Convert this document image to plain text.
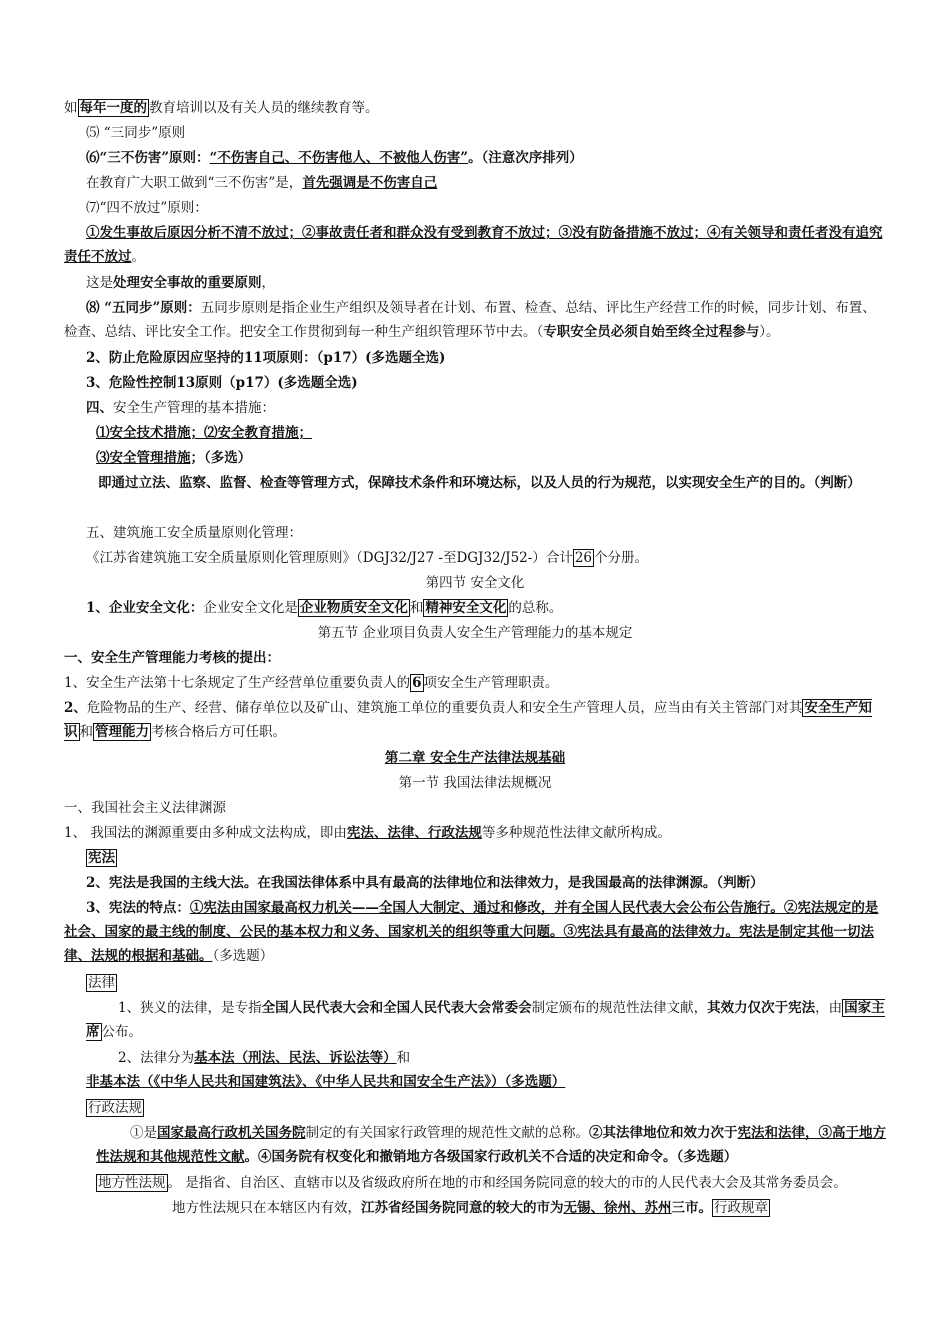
如 每年一度的 教育培训以及有关人员的继续教育等。
⑸ “三同步”原则
⑹“三不伤害”原则：“不伤害自己、不伤害他人、不被他人伤害”。（注意次序排列）
在教育广大职工做到“三不伤害”是，首先强调是不伤害自己
⑺“四不放过”原则：
①发生事故后原因分析不清不放过；②事故责任者和群众没有受到教育不放过；③没有防备措施不放过；④有关领导和责任者没有追究责任不放过。
这是处理安全事故的重要原则，
⑻ “五同步”原则：五同步原则是指企业生产组织及领导者在计划、布置、检查、总结、评比生产经营工作的时候，同步计划、布置、检查、总结、评比安全工作。把安全工作贯彻到每一种生产组织管理环节中去。（专职安全员必须自始至终全过程参与）。
2、防止危险原因应坚持的11项原则：（p17）(多选题全选)
3、危险性控制13原则（p17）(多选题全选)
四、安全生产管理的基本措施：
⑴安全技术措施；⑵安全教育措施；
⑶安全管理措施；（多选）
即通过立法、监察、监督、检查等管理方式，保障技术条件和环境达标，以及人员的行为规范，以实现安全生产的目的。（判断）
五、建筑施工安全质量原则化管理：
《江苏省建筑施工安全质量原则化管理原则》（DGJ32/J27 -至DGJ32/J52-）合计 26 个分册。
第四节 安全文化
1、企业安全文化：企业安全文化是 企业物质安全文化 和 精神安全文化 的总称。
第五节 企业项目负责人安全生产管理能力的基本规定
一、安全生产管理能力考核的提出：
1、安全生产法第十七条规定了生产经营单位重要负责人的 6 项安全生产管理职责。
2、危险物品的生产、经营、储存单位以及矿山、建筑施工单位的重要负责人和安全生产管理人员，应当由有关主管部门对其 安全生产知识 和 管理能力 考核合格后方可任职。
第二章 安全生产法律法规基础
第一节 我国法律法规概况
一、我国社会主义法律渊源
1、 我国法的渊源重要由多种成文法构成，即由宪法、法律、行政法规等多种规范性法律文献所构成。
宪法
2、宪法是我国的主线大法。在我国法律体系中具有最高的法律地位和法律效力，是我国最高的法律渊源。（判断）
3、宪法的特点：①宪法由国家最高权力机关——全国人大制定、通过和修改，并有全国人民代表大会公布公告施行。②宪法规定的是社会、国家的最主线的制度、公民的基本权力和义务、国家机关的组织等重大问题。③宪法具有最高的法律效力。宪法是制定其他一切法律、法规的根据和基础。（多选题）
法律
1、狭义的法律，是专指全国人民代表大会和全国人民代表大会常委会制定颁布的规范性法律文献，其效力仅次于宪法，由 国家主席 公布。
2、法律分为基本法（刑法、民法、诉讼法等）和非基本法（《中华人民共和国建筑法》、《中华人民共和国安全生产法》）（多选题）
行政法规
①是国家最高行政机关国务院制定的有关国家行政管理的规范性文献的总称。②其法律地位和效力次于宪法和法律，③高于地方性法规和其他规范性文献。④国务院有权变化和撤销地方各级国家行政机关不合适的决定和命令。（多选题）
地方性法规 。 是指省、自治区、直辖市以及省级政府所在地的市和经国务院同意的较大的市的人民代表大会及其常务委员会。
地方性法规只在本辖区内有效，江苏省经国务院同意的较大的市为无锡、徐州、苏州三市。 行政规章
